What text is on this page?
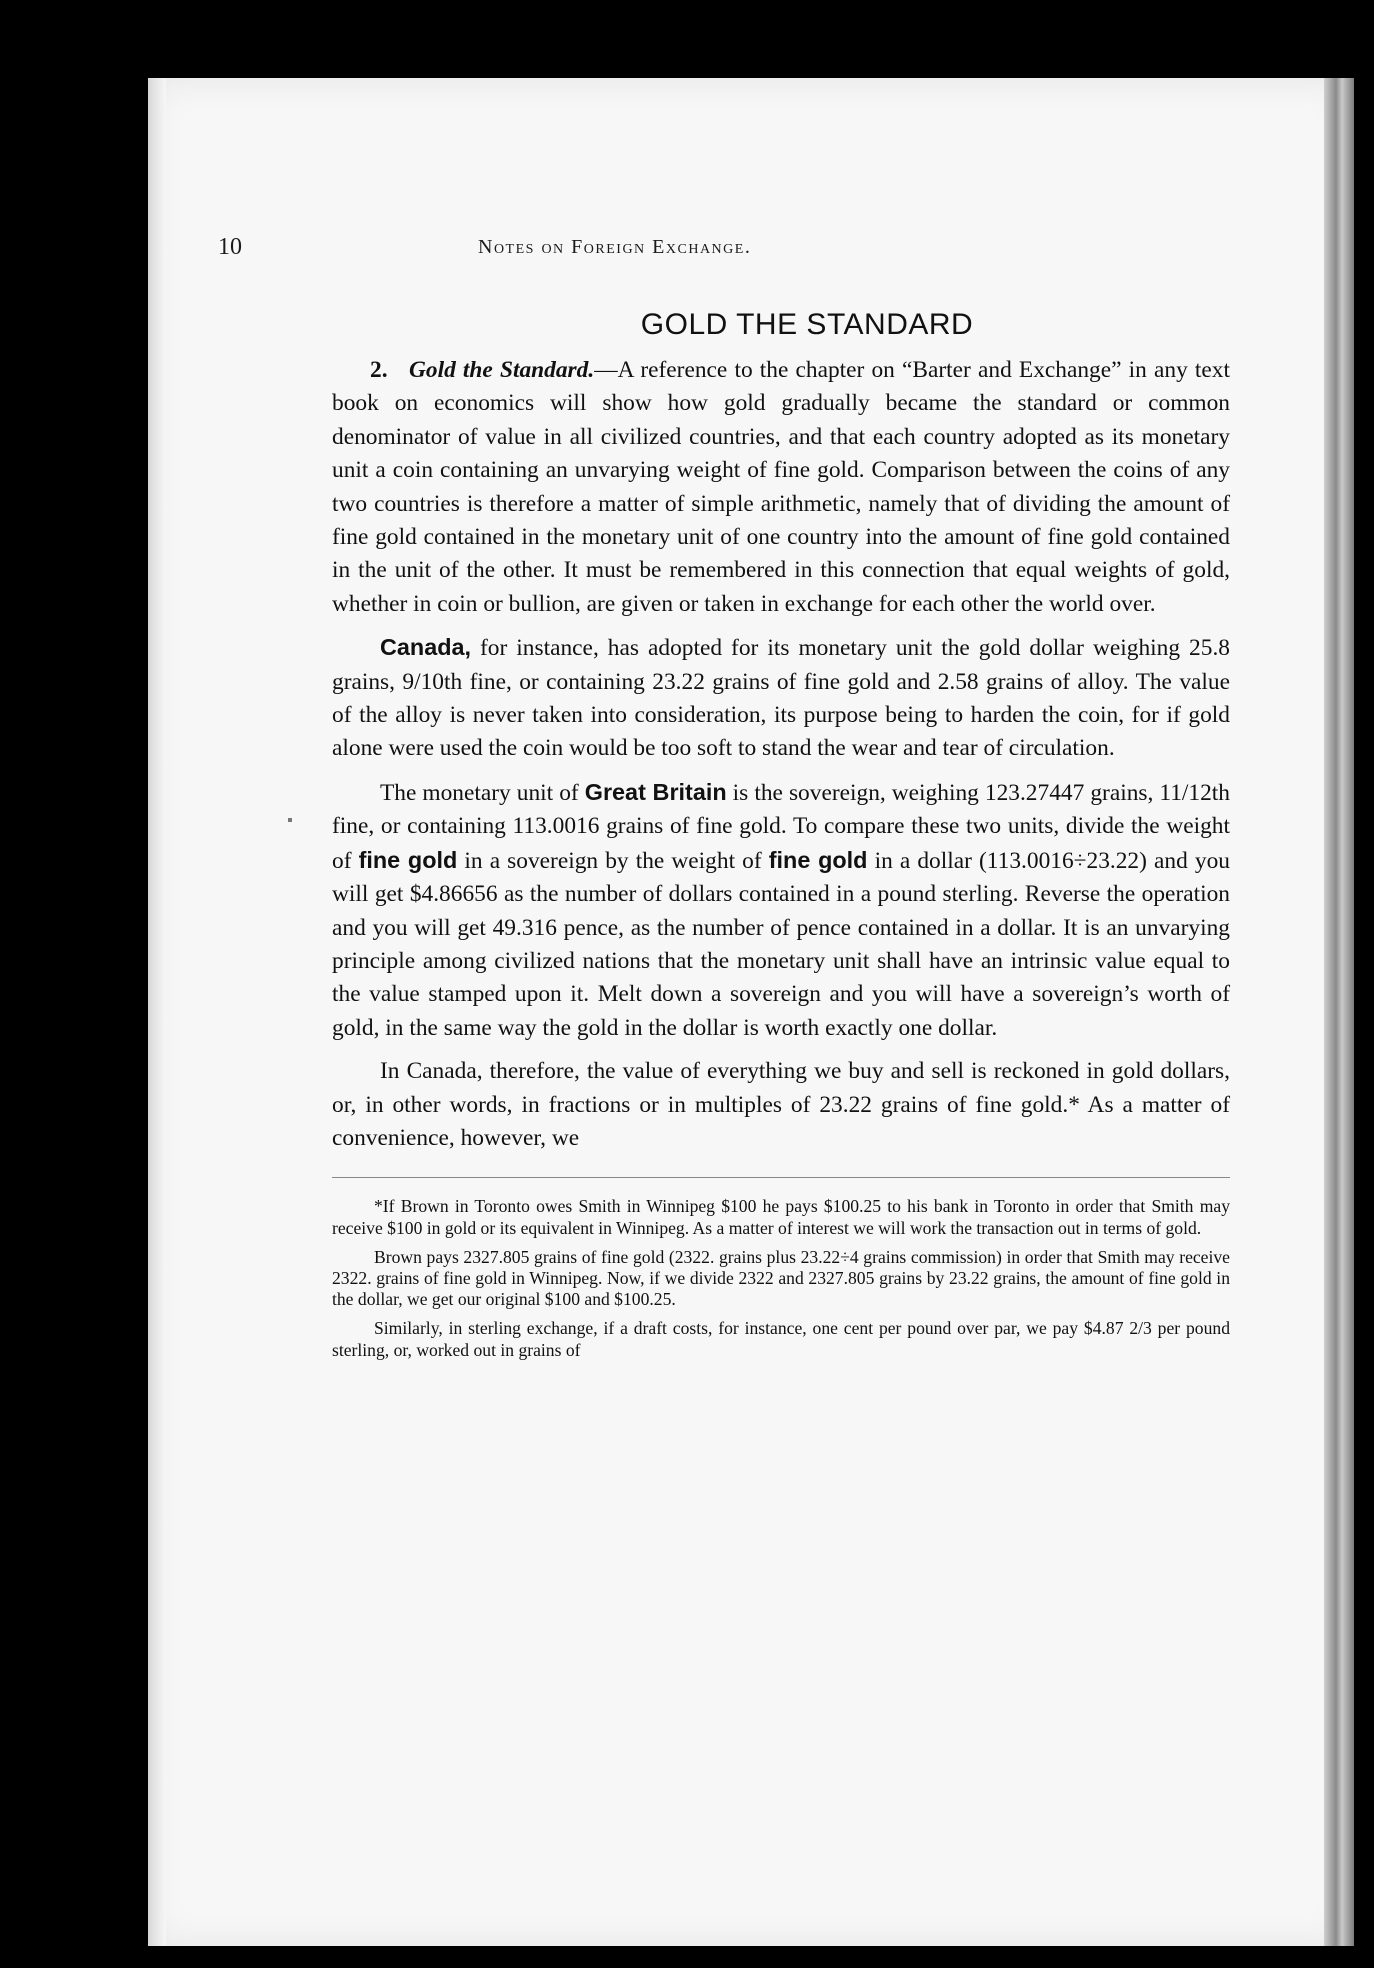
10	Notes on Foreign Exchange.
GOLD THE STANDARD

2. Gold the Standard.—A reference to the chapter on “Barter and Exchange” in any text book on economics will show how gold gradually became the standard or common denominator of value in all civilized countries, and that each country adopted as its monetary unit a coin containing an unvarying weight of fine gold. Comparison between the coins of any two countries is therefore a matter of simple arithmetic, namely that of dividing the amount of fine gold contained in the monetary unit of one country into the amount of fine gold contained in the unit of the other. It must be remembered in this connection that equal weights of gold, whether in coin or bullion, are given or taken in exchange for each other the world over.

Canada, for instance, has adopted for its monetary unit the gold dollar weighing 25.8 grains, 9/10th fine, or containing 23.22 grains of fine gold and 2.58 grains of alloy. The value of the alloy is never taken into consideration, its purpose being to harden the coin, for if gold alone were used the coin would be too soft to stand the wear and tear of circulation.

The monetary unit of Great Britain is the sovereign, weighing 123.27447 grains, 11/12th fine, or containing 113.0016 grains of fine gold. To compare these two units, divide the weight of fine gold in a sovereign by the weight of fine gold in a dollar (113.0016÷23.22) and you will get $4.86656 as the number of dollars contained in a pound sterling. Reverse the operation and you will get 49.316 pence, as the number of pence contained in a dollar. It is an unvarying principle among civilized nations that the monetary unit shall have an intrinsic value equal to the value stamped upon it. Melt down a sovereign and you will have a sovereign’s worth of gold, in the same way the gold in the dollar is worth exactly one dollar.

In Canada, therefore, the value of everything we buy and sell is reckoned in gold dollars, or, in other words, in fractions or in multiples of 23.22 grains of fine gold.* As a matter of convenience, however, we

*If Brown in Toronto owes Smith in Winnipeg $100 he pays $100.25 to his bank in Toronto in order that Smith may receive $100 in gold or its equivalent in Winnipeg. As a matter of interest we will work the transaction out in terms of gold.

Brown pays 2327.805 grains of fine gold (2322. grains plus 23.22÷4 grains commission) in order that Smith may receive 2322. grains of fine gold in Winnipeg. Now, if we divide 2322 and 2327.805 grains by 23.22 grains, the amount of fine gold in the dollar, we get our original $100 and $100.25.

Similarly, in sterling exchange, if a draft costs, for instance, one cent per pound over par, we pay $4.87 2/3 per pound sterling, or, worked out in grains of
